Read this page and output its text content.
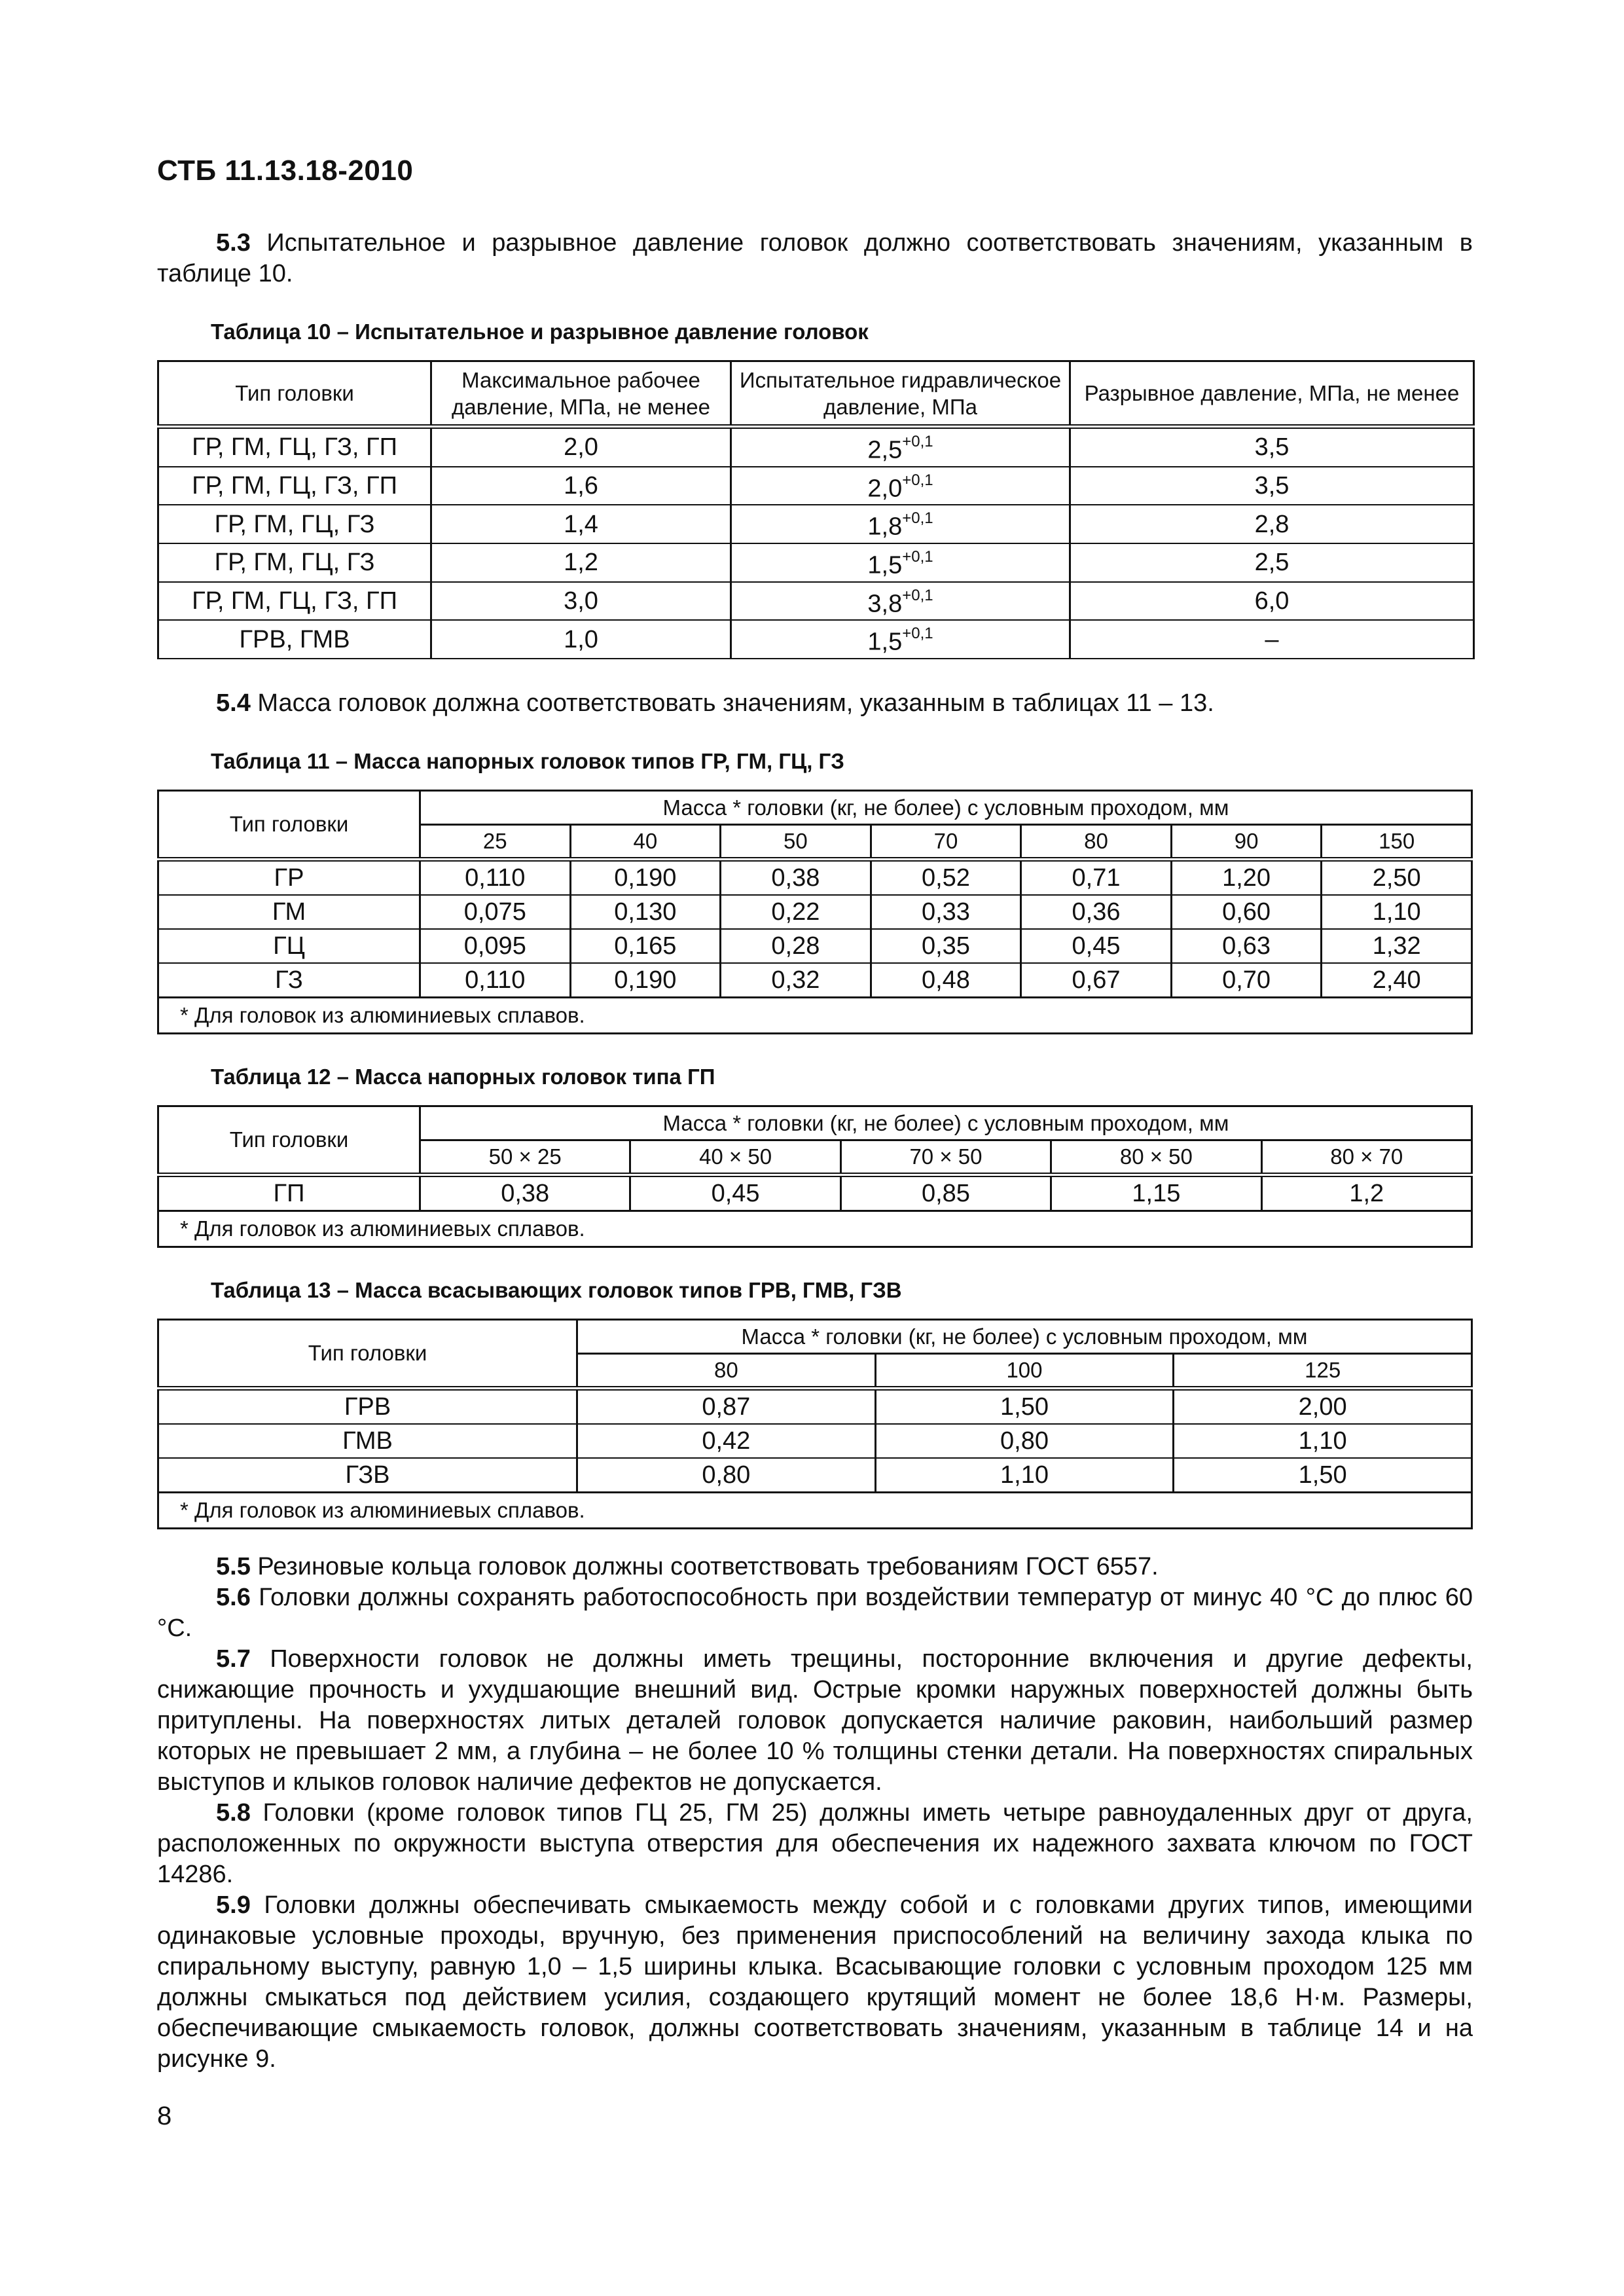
СТБ 11.13.18-2010

5.3 Испытательное и разрывное давление головок должно соответствовать значениям, указанным в таблице 10.

Таблица 10 – Испытательное и разрывное давление головок
Тип головки	Максимальное рабочее давление, МПа, не менее	Испытательное гидравлическое давление, МПа	Разрывное давление, МПа, не менее
ГР, ГМ, ГЦ, ГЗ, ГП	2,0	$2,5^{+0,1}$	3,5
ГР, ГМ, ГЦ, ГЗ, ГП	1,6	$2,0^{+0,1}$	3,5
ГР, ГМ, ГЦ, ГЗ	1,4	$1,8^{+0,1}$	2,8
ГР, ГМ, ГЦ, ГЗ	1,2	$1,5^{+0,1}$	2,5
ГР, ГМ, ГЦ, ГЗ, ГП	3,0	$3,8^{+0,1}$	6,0
ГРВ, ГМВ	1,0	$1,5^{+0,1}$	–

5.4 Масса головок должна соответствовать значениям, указанным в таблицах 11 – 13.

Таблица 11 – Масса напорных головок типов ГР, ГМ, ГЦ, ГЗ
Тип головки	Масса * головки (кг, не более) с условным проходом, мм						
	25	40	50	70	80	90	150
ГР	0,110	0,190	0,38	0,52	0,71	1,20	2,50
ГМ	0,075	0,130	0,22	0,33	0,36	0,60	1,10
ГЦ	0,095	0,165	0,28	0,35	0,45	0,63	1,32
ГЗ	0,110	0,190	0,32	0,48	0,67	0,70	2,40
* Для головок из алюминиевых сплавов.							
Таблица 12 – Масса напорных головок типа ГП
Тип головки	Масса * головки (кг, не более) с условным проходом, мм				
	50 × 25	40 × 50	70 × 50	80 × 50	80 × 70
ГП	0,38	0,45	0,85	1,15	1,2
* Для головок из алюминиевых сплавов.					
Таблица 13 – Масса всасывающих головок типов ГРВ, ГМВ, ГЗВ
Тип головки	Масса * головки (кг, не более) с условным проходом, мм		
	80	100	125
ГРВ	0,87	1,50	2,00
ГМВ	0,42	0,80	1,10
ГЗВ	0,80	1,10	1,50
* Для головок из алюминиевых сплавов.			

5.5 Резиновые кольца головок должны соответствовать требованиям ГОСТ 6557.

5.6 Головки должны сохранять работоспособность при воздействии температур от минус 40 °С до плюс 60 °С.

5.7 Поверхности головок не должны иметь трещины, посторонние включения и другие дефекты, снижающие прочность и ухудшающие внешний вид. Острые кромки наружных поверхностей должны быть притуплены. На поверхностях литых деталей головок допускается наличие раковин, наибольший размер которых не превышает 2 мм, а глубина – не более 10 % толщины стенки детали. На поверхностях спиральных выступов и клыков головок наличие дефектов не допускается.

5.8 Головки (кроме головок типов ГЦ 25, ГМ 25) должны иметь четыре равноудаленных друг от друга, расположенных по окружности выступа отверстия для обеспечения их надежного захвата ключом по ГОСТ 14286.

5.9 Головки должны обеспечивать смыкаемость между собой и с головками других типов, имеющими одинаковые условные проходы, вручную, без применения приспособлений на величину захода клыка по спиральному выступу, равную 1,0 – 1,5 ширины клыка. Всасывающие головки с условным проходом 125 мм должны смыкаться под действием усилия, создающего крутящий момент не более 18,6 Н·м. Размеры, обеспечивающие смыкаемость головок, должны соответствовать значениям, указанным в таблице 14 и на рисунке 9.

8
